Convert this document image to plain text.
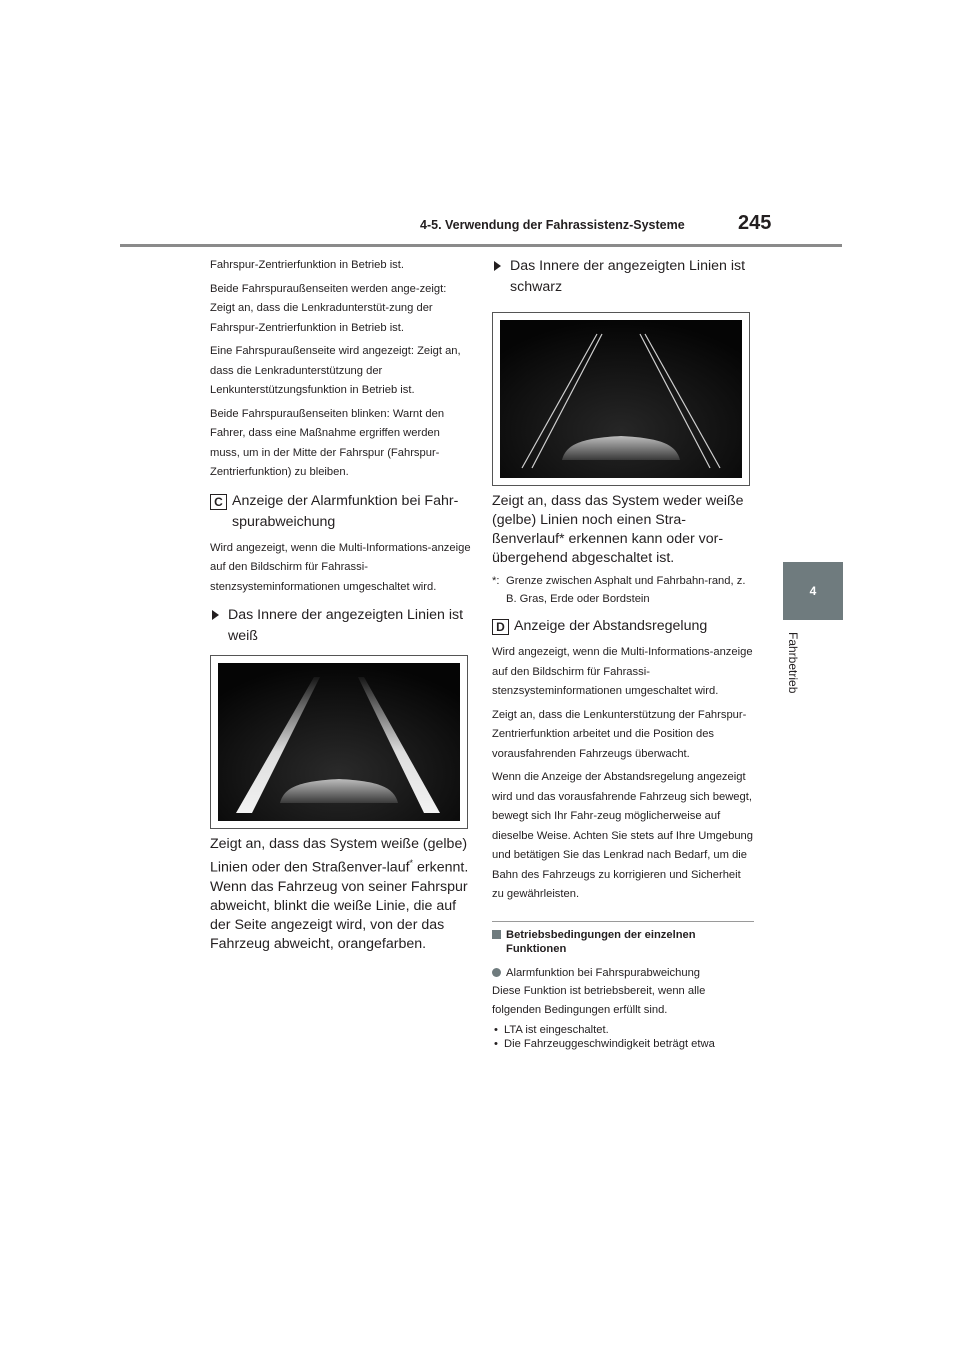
4-5. Verwendung der Fahrassistenz-Systeme	245
4
Fahrbetrieb

Fahrspur-Zentrierfunktion in Betrieb ist.

Beide Fahrspuraußenseiten werden ange-zeigt: Zeigt an, dass die Lenkradunterstüt-zung der Fahrspur-Zentrierfunktion in Betrieb ist.

Eine Fahrspuraußenseite wird angezeigt: Zeigt an, dass die Lenkradunterstützung der Lenkunterstützungsfunktion in Betrieb ist.

Beide Fahrspuraußenseiten blinken: Warnt den Fahrer, dass eine Maßnahme ergriffen werden muss, um in der Mitte der Fahrspur (Fahrspur-Zentrierfunktion) zu bleiben.

C Anzeige der Alarmfunktion bei Fahr-spurabweichung

Wird angezeigt, wenn die Multi-Informations-anzeige auf den Bildschirm für Fahrassi-stenzsysteminformationen umgeschaltet wird.

Das Innere der angezeigten Linien ist weiß

Zeigt an, dass das System weiße (gelbe) Linien oder den Straßenver-lauf* erkennt. Wenn das Fahrzeug von seiner Fahrspur abweicht, blinkt die weiße Linie, die auf der Seite angezeigt wird, von der das Fahrzeug abweicht, orangefarben.

Das Innere der angezeigten Linien ist schwarz

Zeigt an, dass das System weder weiße (gelbe) Linien noch einen Stra-ßenverlauf* erkennen kann oder vor-übergehend abgeschaltet ist.

*: Grenze zwischen Asphalt und Fahrbahn-rand, z. B. Gras, Erde oder Bordstein

D Anzeige der Abstandsregelung

Wird angezeigt, wenn die Multi-Informations-anzeige auf den Bildschirm für Fahrassi-stenzsysteminformationen umgeschaltet wird.

Zeigt an, dass die Lenkunterstützung der Fahrspur-Zentrierfunktion arbeitet und die Position des vorausfahrenden Fahrzeugs überwacht.

Wenn die Anzeige der Abstandsregelung angezeigt wird und das vorausfahrende Fahrzeug sich bewegt, bewegt sich Ihr Fahr-zeug möglicherweise auf dieselbe Weise. Achten Sie stets auf Ihre Umgebung und betätigen Sie das Lenkrad nach Bedarf, um die Bahn des Fahrzeugs zu korrigieren und Sicherheit zu gewährleisten.

Betriebsbedingungen der einzelnen Funktionen

Alarmfunktion bei Fahrspurabweichung

Diese Funktion ist betriebsbereit, wenn alle folgenden Bedingungen erfüllt sind.

• LTA ist eingeschaltet.

• Die Fahrzeuggeschwindigkeit beträgt etwa
